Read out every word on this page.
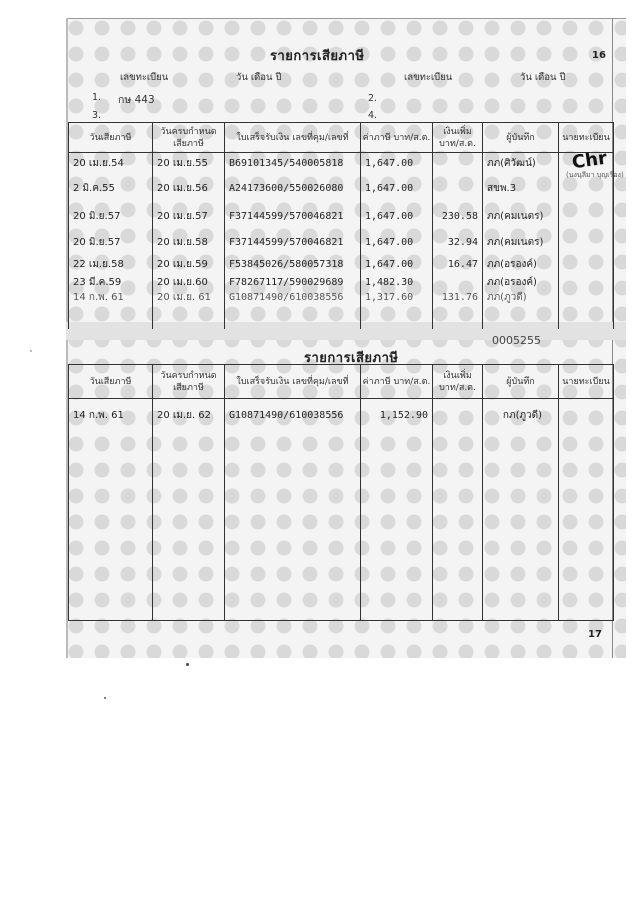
รายการเสียภาษี	16
เลขทะเบียน	วัน เดือน ปี	เลขทะเบียน	วัน เดือน ปี
1. กษ 443	2.
3.	4.
วันเสียภาษี	วันครบกำหนด เสียภาษี	ใบเสร็จรับเงิน เลขที่คุม/เลขที่	ค่าภาษี บาท/ส.ต.	เงินเพิ่ม บาท/ส.ต.	ผู้บันทึก	นายทะเบียน

20 เม.ย.54	20 เม.ย.55	B69101345/540005818	1,647.00		ภภ(ศิวัฒน์)	

2 มิ.ค.55	20 เม.ย.56	A24173600/550026080	1,647.00		สขพ.3	

20 มิ.ย.57	20 เม.ย.57	F37144599/570046821	1,647.00	230.58	ภภ(คมเนตร)	

20 มิ.ย.57	20 เม.ย.58	F37144599/570046821	1,647.00	32.94	ภภ(คมเนตร)	

22 เม.ย.58	20 เม.ย.59	F53845026/580057318	1,647.00	16.47	ภภ(อรองค์)	

23 มี.ค.59	20 เม.ย.60	F78267117/590029689	1,482.30		ภภ(อรองค์)	

14 ก.พ. 61	20 เม.ย. 61	G10871490/610038556	1,317.60	131.76	ภภ(ภูวดี)	

Chr
(นงนุลีมา บุญเรือง)
0005255
รายการเสียภาษี
วันเสียภาษี	วันครบกำหนด เสียภาษี	ใบเสร็จรับเงิน เลขที่คุม/เลขที่	ค่าภาษี บาท/ส.ต.	เงินเพิ่ม บาท/ส.ต.	ผู้บันทึก	นายทะเบียน

14 ก.พ. 61	20 เม.ย. 62	G10871490/610038556	1,152.90		กภ(ภูวดี)	

17
